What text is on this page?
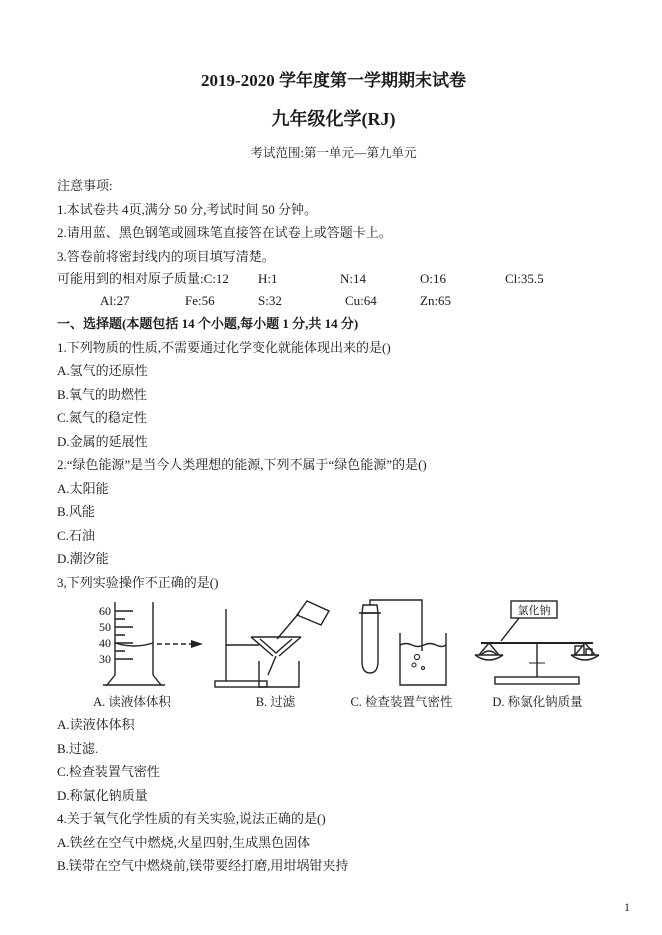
2019-2020 学年度第一学期期末试卷
九年级化学(RJ)
考试范围:第一单元—第九单元
注意事项:
1.本试卷共 4页,满分 50 分,考试时间 50 分钟。
2.请用蓝、黑色钢笔或圆珠笔直接答在试卷上或答题卡上。
3.答卷前将密封线内的项目填写清楚。
可能用到的相对原子质量:C:12	H:1	N:14	O:16	Cl:35.5
Al:27	Fe:56	S:32	Cu:64	Zn:65
一、选择题(本题包括 14 个小题,每小题 1 分,共 14 分)
1.下列物质的性质,不需要通过化学变化就能体现出来的是()
A.氢气的还原性
B.氧气的助燃性
C.氮气的稳定性
D.金属的延展性
2.“绿色能源”是当今人类理想的能源,下列不属于“绿色能源”的是()
A.太阳能
B.风能
C.石油
D.潮汐能
3,下列实验操作不正确的是()
60
50
40
30
A. 读液体体积	B. 过滤	C. 检查装置气密性
氯化钠
D. 称氯化钠质量
A.读液体体积
B.过滤.
C.检查装置气密性
D.称氯化钠质量
4.关于氧气化学性质的有关实验,说法正确的是()
A.铁丝在空气中燃烧,火星四射,生成黑色固体
B.镁带在空气中燃烧前,镁带要经打磨,用坩埚钳夹持
1
